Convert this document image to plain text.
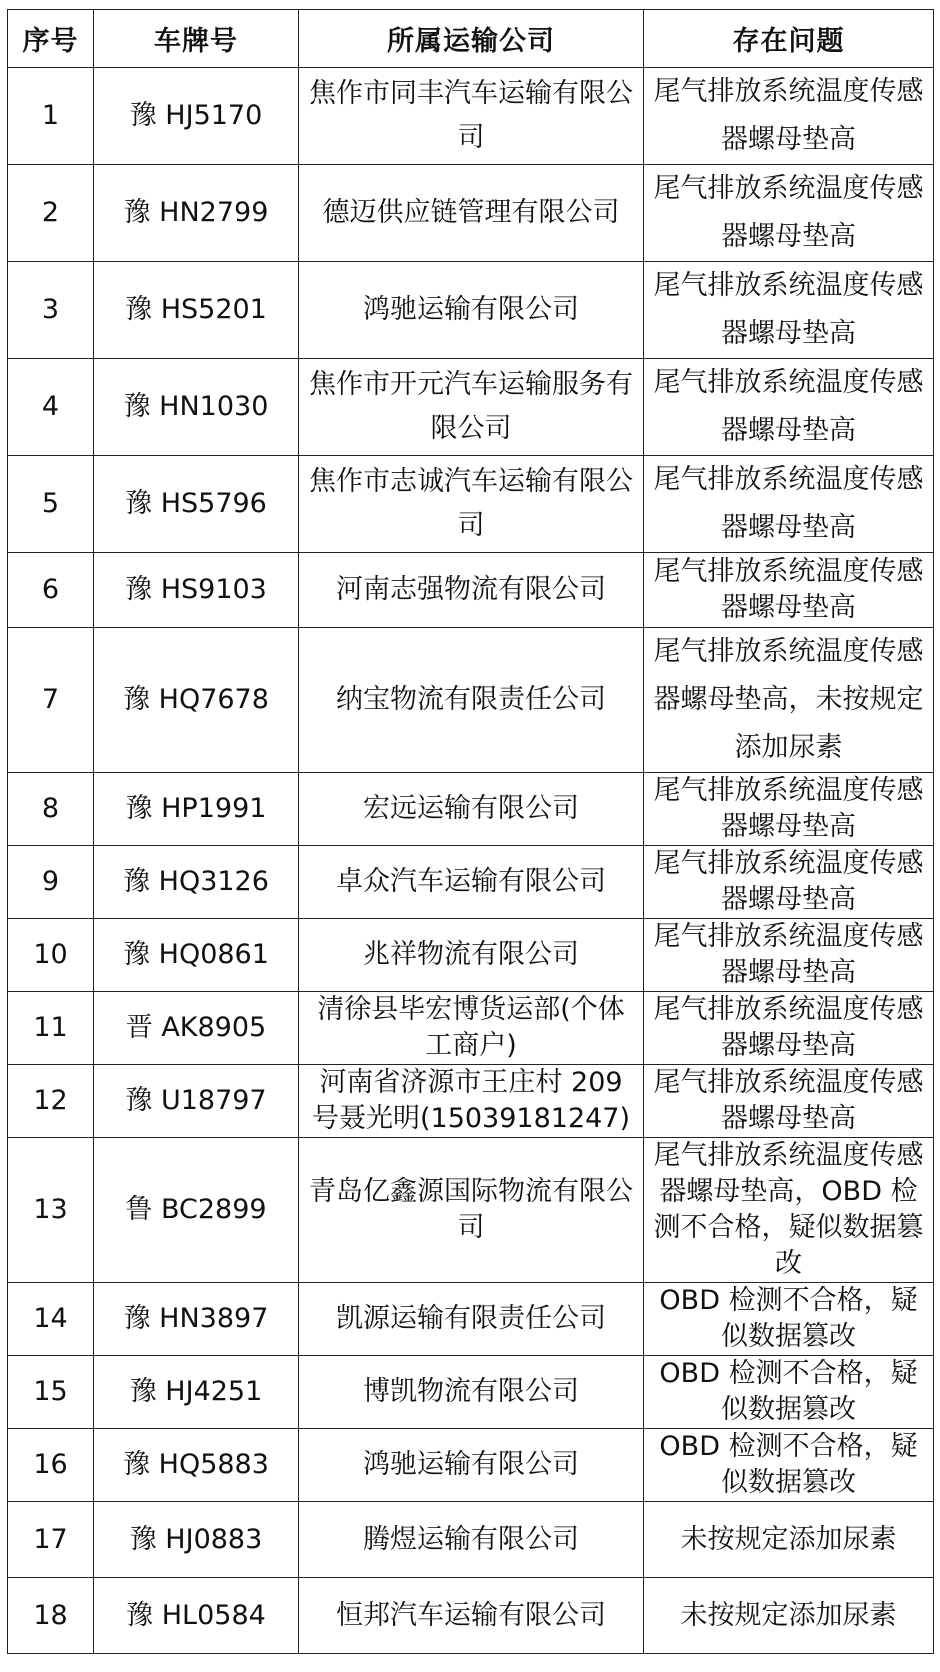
序号	车牌号	所属运输公司	存在问题
1	豫 HJ5170	焦作市同丰汽车运输有限公司	尾气排放系统温度传感器螺母垫高
2	豫 HN2799	德迈供应链管理有限公司	尾气排放系统温度传感器螺母垫高
3	豫 HS5201	鸿驰运输有限公司	尾气排放系统温度传感器螺母垫高
4	豫 HN1030	焦作市开元汽车运输服务有限公司	尾气排放系统温度传感器螺母垫高
5	豫 HS5796	焦作市志诚汽车运输有限公司	尾气排放系统温度传感器螺母垫高
6	豫 HS9103	河南志强物流有限公司	尾气排放系统温度传感器螺母垫高
7	豫 HQ7678	纳宝物流有限责任公司	尾气排放系统温度传感器螺母垫高，未按规定添加尿素
8	豫 HP1991	宏远运输有限公司	尾气排放系统温度传感器螺母垫高
9	豫 HQ3126	卓众汽车运输有限公司	尾气排放系统温度传感器螺母垫高
10	豫 HQ0861	兆祥物流有限公司	尾气排放系统温度传感器螺母垫高
11	晋 AK8905	清徐县毕宏博货运部(个体工商户)	尾气排放系统温度传感器螺母垫高
12	豫 U18797	河南省济源市王庄村 209 号聂光明(15039181247)	尾气排放系统温度传感器螺母垫高
13	鲁 BC2899	青岛亿鑫源国际物流有限公司	尾气排放系统温度传感器螺母垫高，OBD 检测不合格，疑似数据篡改
14	豫 HN3897	凯源运输有限责任公司	OBD 检测不合格，疑似数据篡改
15	豫 HJ4251	博凯物流有限公司	OBD 检测不合格，疑似数据篡改
16	豫 HQ5883	鸿驰运输有限公司	OBD 检测不合格，疑似数据篡改
17	豫 HJ0883	腾煜运输有限公司	未按规定添加尿素
18	豫 HL0584	恒邦汽车运输有限公司	未按规定添加尿素
